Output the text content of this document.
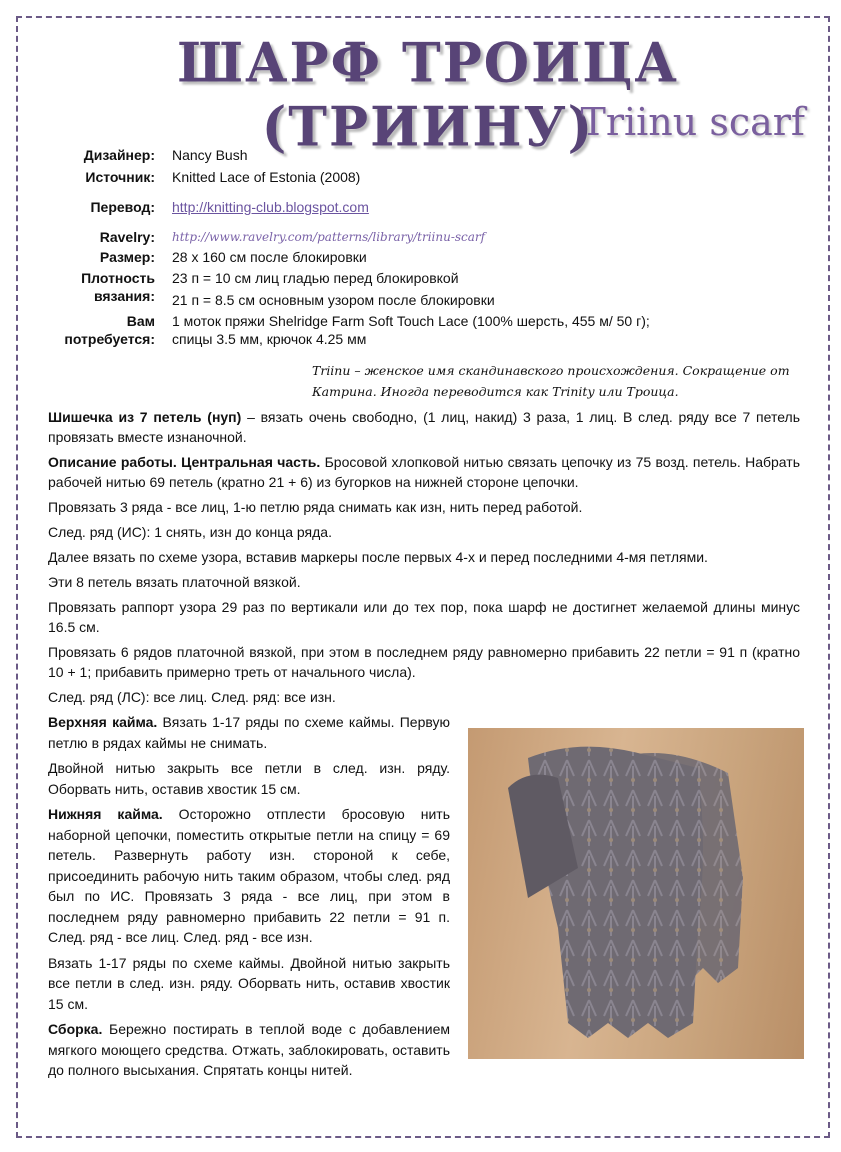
ШАРФ ТРОИЦА (ТРИИНУ)
Triinu scarf
Дизайнер:	Nancy Bush
Источник:	Knitted Lace of Estonia (2008)
Перевод:	http://knitting-club.blogspot.com
Ravelry:	http://www.ravelry.com/patterns/library/triinu-scarf
Размер:	28 x 160 см после блокировки
Плотность вязания:
23 п = 10 см лиц гладью перед блокировкой
21 п = 8.5 см основным узором после блокировки
Вам потребуется:
1 моток пряжи Shelridge Farm Soft Touch Lace (100% шерсть, 455 м/ 50 г);
спицы 3.5 мм, крючок 4.25 мм
Triinu – женское имя скандинавского происхождения. Сокращение от Катрина. Иногда переводится как Trinity или Троица.

Шишечка из 7 петель (нуп) – вязать очень свободно, (1 лиц, накид) 3 раза, 1 лиц. В след. ряду все 7 петель провязать вместе изнаночной.

Описание работы. Центральная часть. Бросовой хлопковой нитью связать цепочку из 75 возд. петель. Набрать рабочей нитью 69 петель (кратно 21 + 6) из бугорков на нижней стороне цепочки.

Провязать 3 ряда - все лиц, 1-ю петлю ряда снимать как изн, нить перед работой.

След. ряд (ИС): 1 снять, изн до конца ряда.

Далее вязать по схеме узора, вставив маркеры после первых 4-х и перед последними 4-мя петлями.

Эти 8 петель вязать платочной вязкой.

Провязать раппорт узора 29 раз по вертикали или до тех пор, пока шарф не достигнет желаемой длины минус 16.5 см.

Провязать 6 рядов платочной вязкой, при этом в последнем ряду равномерно прибавить 22 петли = 91 п (кратно 10 + 1; прибавить примерно треть от начального числа).

След. ряд (ЛС): все лиц. След. ряд: все изн.

Верхняя кайма. Вязать 1-17 ряды по схеме каймы. Первую петлю в рядах каймы не снимать.

Двойной нитью закрыть все петли в след. изн. ряду. Оборвать нить, оставив хвостик 15 см.

Нижняя кайма. Осторожно отплести бросовую нить наборной цепочки, поместить открытые петли на спицу = 69 петель. Развернуть работу изн. стороной к себе, присоединить рабочую нить таким образом, чтобы след. ряд был по ИС. Провязать 3 ряда - все лиц, при этом в последнем ряду равномерно прибавить 22 петли = 91 п. След. ряд - все лиц. След. ряд - все изн.

Вязать 1-17 ряды по схеме каймы. Двойной нитью закрыть все петли в след. изн. ряду. Оборвать нить, оставив хвостик 15 см.

Сборка. Бережно постирать в теплой воде с добавлением мягкого моющего средства. Отжать, заблокировать, оставить до полного высыхания. Спрятать концы нитей.
